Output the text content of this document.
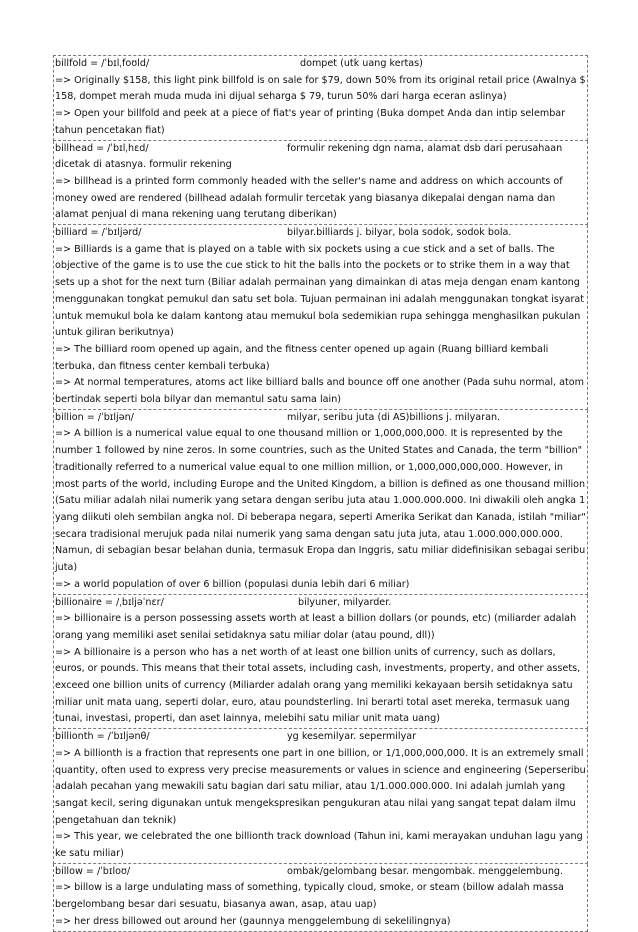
billfold = /ˈbɪlˌfoʊld/	dompet (utk uang kertas)
=> Originally $158, this light pink billfold is on sale for $79, down 50% from its original retail price (Awalnya $ 158, dompet merah muda muda ini dijual seharga $ 79, turun 50% dari harga eceran aslinya)
=> Open your billfold and peek at a piece of fiat's year of printing (Buka dompet Anda dan intip selembar tahun pencetakan fiat)
billhead = /ˈbɪlˌhɛd/	formulir rekening dgn nama, alamat dsb dari perusahaan dicetak di atasnya. formulir rekening
=> billhead is a printed form commonly headed with the seller's name and address on which accounts of money owed are rendered (billhead adalah formulir tercetak yang biasanya dikepalai dengan nama dan alamat penjual di mana rekening uang terutang diberikan)
billiard = /ˈbɪljərd/	bilyar.billiards j. bilyar, bola sodok, sodok bola.
=> Billiards is a game that is played on a table with six pockets using a cue stick and a set of balls. The objective of the game is to use the cue stick to hit the balls into the pockets or to strike them in a way that sets up a shot for the next turn (Biliar adalah permainan yang dimainkan di atas meja dengan enam kantong menggunakan tongkat pemukul dan satu set bola. Tujuan permainan ini adalah menggunakan tongkat isyarat untuk memukul bola ke dalam kantong atau memukul bola sedemikian rupa sehingga menghasilkan pukulan untuk giliran berikutnya)
=> The billiard room opened up again, and the fitness center opened up again (Ruang billiard kembali terbuka, dan fitness center kembali terbuka)
=> At normal temperatures, atoms act like billiard balls and bounce off one another (Pada suhu normal, atom bertindak seperti bola bilyar dan memantul satu sama lain)
billion = /ˈbɪljən/	milyar, seribu juta (di AS)billions j. milyaran.
=> A billion is a numerical value equal to one thousand million or 1,000,000,000. It is represented by the number 1 followed by nine zeros. In some countries, such as the United States and Canada, the term "billion" traditionally referred to a numerical value equal to one million million, or 1,000,000,000,000. However, in most parts of the world, including Europe and the United Kingdom, a billion is defined as one thousand million (Satu miliar adalah nilai numerik yang setara dengan seribu juta atau 1.000.000.000. Ini diwakili oleh angka 1 yang diikuti oleh sembilan angka nol. Di beberapa negara, seperti Amerika Serikat dan Kanada, istilah "miliar" secara tradisional merujuk pada nilai numerik yang sama dengan satu juta juta, atau 1.000.000.000.000. Namun, di sebagian besar belahan dunia, termasuk Eropa dan Inggris, satu miliar didefinisikan sebagai seribu juta)
=> a world population of over 6 billion (populasi dunia lebih dari 6 miliar)
billionaire = /ˌbɪljəˈnɛr/	bilyuner, milyarder.
=> billionaire is a person possessing assets worth at least a billion dollars (or pounds, etc) (miliarder adalah orang yang memiliki aset senilai setidaknya satu miliar dolar (atau pound, dll))
=> A billionaire is a person who has a net worth of at least one billion units of currency, such as dollars, euros, or pounds. This means that their total assets, including cash, investments, property, and other assets, exceed one billion units of currency (Miliarder adalah orang yang memiliki kekayaan bersih setidaknya satu miliar unit mata uang, seperti dolar, euro, atau poundsterling. Ini berarti total aset mereka, termasuk uang tunai, investasi, properti, dan aset lainnya, melebihi satu miliar unit mata uang)
billionth = /ˈbɪljənθ/	yg kesemilyar. sepermilyar
=> A billionth is a fraction that represents one part in one billion, or 1/1,000,000,000. It is an extremely small quantity, often used to express very precise measurements or values in science and engineering (Seperseribu adalah pecahan yang mewakili satu bagian dari satu miliar, atau 1/1.000.000.000. Ini adalah jumlah yang sangat kecil, sering digunakan untuk mengekspresikan pengukuran atau nilai yang sangat tepat dalam ilmu pengetahuan dan teknik)
=> This year, we celebrated the one billionth track download (Tahun ini, kami merayakan unduhan lagu yang ke satu miliar)
billow = /ˈbɪloʊ/	ombak/gelombang besar. mengombak. menggelembung.
=> billow is a large undulating mass of something, typically cloud, smoke, or steam (billow adalah massa bergelombang besar dari sesuatu, biasanya awan, asap, atau uap)
=> her dress billowed out around her (gaunnya menggelembung di sekelilingnya)
